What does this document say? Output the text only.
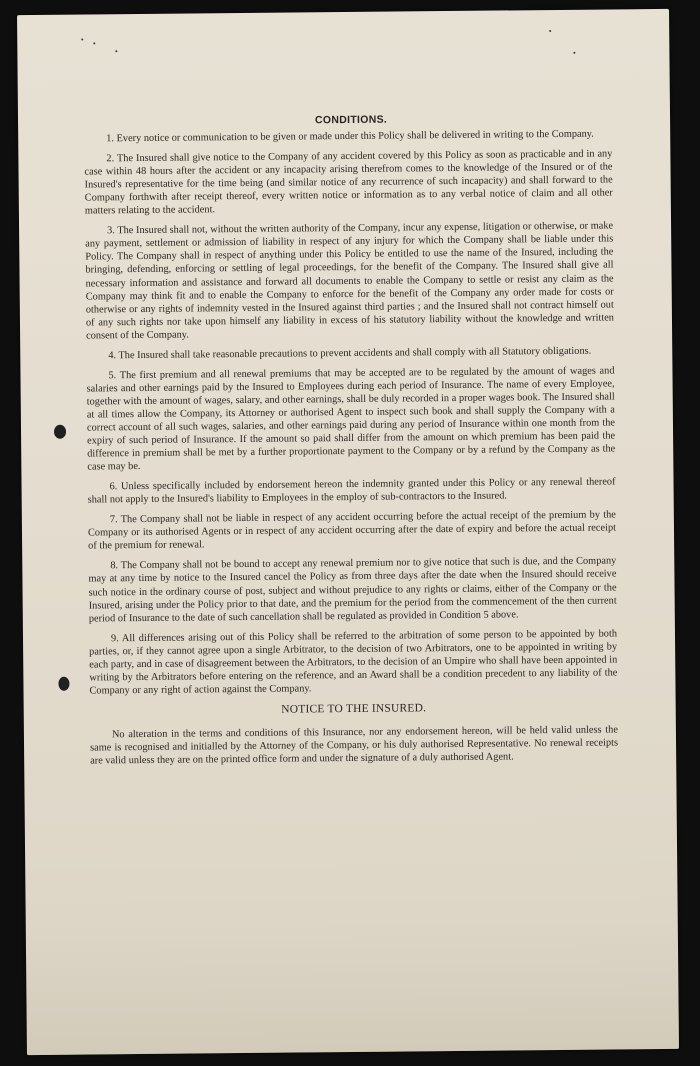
CONDITIONS.

1. Every notice or communication to be given or made under this Policy shall be delivered in writing to the Company.

2. The Insured shall give notice to the Company of any accident covered by this Policy as soon as practicable and in any case within 48 hours after the accident or any incapacity arising therefrom comes to the knowledge of the Insured or of the Insured's representative for the time being (and similar notice of any recurrence of such incapacity) and shall forward to the Company forthwith after receipt thereof, every written notice or information as to any verbal notice of claim and all other matters relating to the accident.

3. The Insured shall not, without the written authority of the Company, incur any expense, litigation or otherwise, or make any payment, settlement or admission of liability in respect of any injury for which the Company shall be liable under this Policy. The Company shall in respect of anything under this Policy be entitled to use the name of the Insured, including the bringing, defending, enforcing or settling of legal proceedings, for the benefit of the Company. The Insured shall give all necessary information and assistance and forward all documents to enable the Company to settle or resist any claim as the Company may think fit and to enable the Company to enforce for the benefit of the Company any order made for costs or otherwise or any rights of indemnity vested in the Insured against third parties ; and the Insured shall not contract himself out of any such rights nor take upon himself any liability in excess of his statutory liability without the knowledge and written consent of the Company.

4. The Insured shall take reasonable precautions to prevent accidents and shall comply with all Statutory obligations.

5. The first premium and all renewal premiums that may be accepted are to be regulated by the amount of wages and salaries and other earnings paid by the Insured to Employees during each period of Insurance. The name of every Employee, together with the amount of wages, salary, and other earnings, shall be duly recorded in a proper wages book. The Insured shall at all times allow the Company, its Attorney or authorised Agent to inspect such book and shall supply the Company with a correct account of all such wages, salaries, and other earnings paid during any period of Insurance within one month from the expiry of such period of Insurance. If the amount so paid shall differ from the amount on which premium has been paid the difference in premium shall be met by a further proportionate payment to the Company or by a refund by the Company as the case may be.

6. Unless specifically included by endorsement hereon the indemnity granted under this Policy or any renewal thereof shall not apply to the Insured's liability to Employees in the employ of sub-contractors to the Insured.

7. The Company shall not be liable in respect of any accident occurring before the actual receipt of the premium by the Company or its authorised Agents or in respect of any accident occurring after the date of expiry and before the actual receipt of the premium for renewal.

8. The Company shall not be bound to accept any renewal premium nor to give notice that such is due, and the Company may at any time by notice to the Insured cancel the Policy as from three days after the date when the Insured should receive such notice in the ordinary course of post, subject and without prejudice to any rights or claims, either of the Company or the Insured, arising under the Policy prior to that date, and the premium for the period from the commencement of the then current period of Insurance to the date of such cancellation shall be regulated as provided in Condition 5 above.

9. All differences arising out of this Policy shall be referred to the arbitration of some person to be appointed by both parties, or, if they cannot agree upon a single Arbitrator, to the decision of two Arbitrators, one to be appointed in writing by each party, and in case of disagreement between the Arbitrators, to the decision of an Umpire who shall have been appointed in writing by the Arbitrators before entering on the reference, and an Award shall be a condition precedent to any liability of the Company or any right of action against the Company.

NOTICE TO THE INSURED.

No alteration in the terms and conditions of this Insurance, nor any endorsement hereon, will be held valid unless the same is recognised and initialled by the Attorney of the Company, or his duly authorised Representative. No renewal receipts are valid unless they are on the printed office form and under the signature of a duly authorised Agent.
